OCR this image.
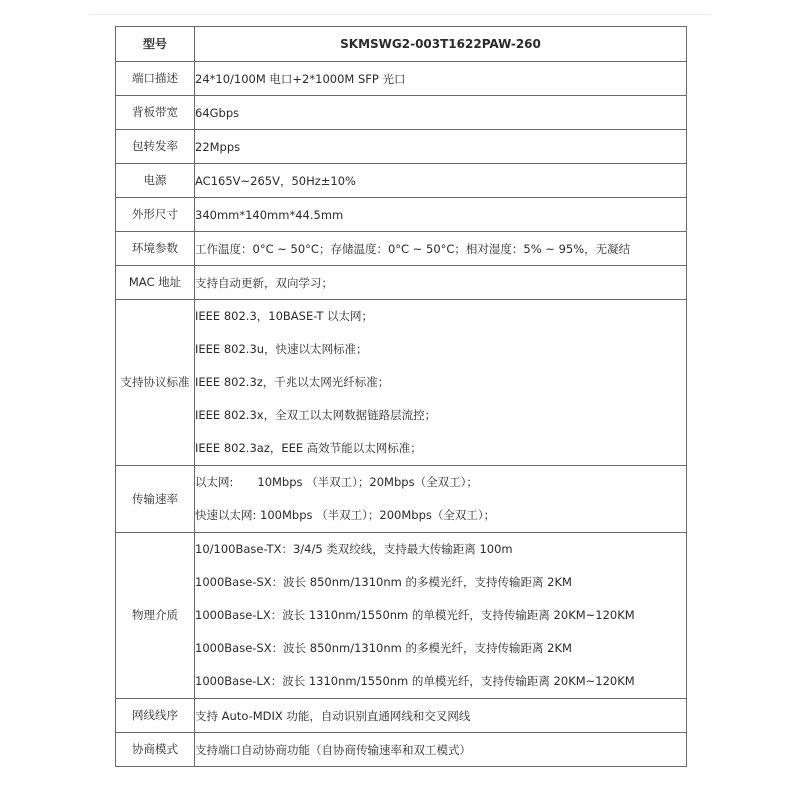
型号	SKMSWG2-003T1622PAW-260
端口描述	24*10/100M 电口+2*1000M SFP 光口
背板带宽	64Gbps
包转发率	22Mpps
电源	AC165V~265V，50Hz±10%
外形尺寸	340mm*140mm*44.5mm
环境参数	工作温度：0°C ~ 50°C；存储温度：0°C ~ 50°C；相对湿度：5% ~ 95%，无凝结
MAC 地址	支持自动更新，双向学习；
支持协议标准	IEEE 802.3，10BASE-T 以太网；
IEEE 802.3u，快速以太网标准；
IEEE 802.3z，千兆以太网光纤标准；
IEEE 802.3x，全双工以太网数据链路层流控；
IEEE 802.3az，EEE 高效节能以太网标准；

传输速率	以太网: 10Mbps （半双工）；20Mbps（全双工）；
快速以太网: 100Mbps （半双工）；200Mbps（全双工）；

物理介质	10/100Base-TX：3/4/5 类双绞线，支持最大传输距离 100m
1000Base-SX：波长 850nm/1310nm 的多模光纤，支持传输距离 2KM
1000Base-LX：波长 1310nm/1550nm 的单模光纤，支持传输距离 20KM~120KM
1000Base-SX：波长 850nm/1310nm 的多模光纤，支持传输距离 2KM
1000Base-LX：波长 1310nm/1550nm 的单模光纤，支持传输距离 20KM~120KM

网线线序	支持 Auto-MDIX 功能，自动识别直通网线和交叉网线
协商模式	支持端口自动协商功能（自协商传输速率和双工模式）
